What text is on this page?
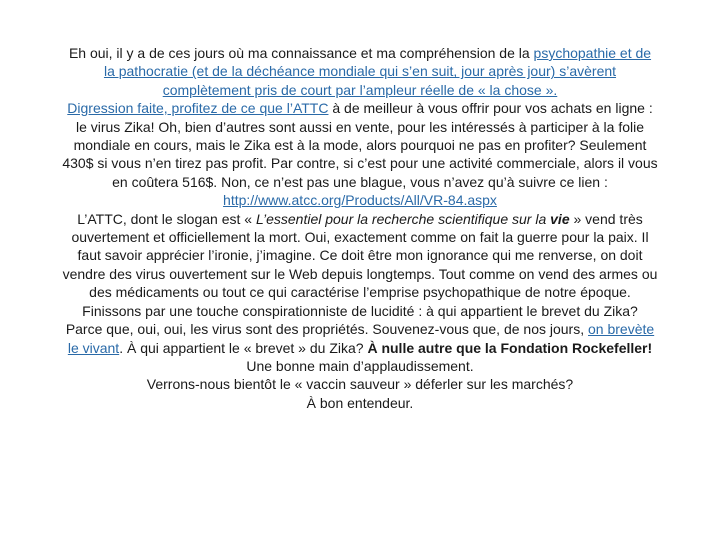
Eh oui, il y a de ces jours où ma connaissance et ma compréhension de la psychopathie et de la pathocratie (et de la déchéance mondiale qui s’en suit, jour après jour) s’avèrent complètement pris de court par l’ampleur réelle de « la chose ».

Digression faite, profitez de ce que l’ATTC à de meilleur à vous offrir pour vos achats en ligne : le virus Zika! Oh, bien d’autres sont aussi en vente, pour les intéressés à participer à la folie mondiale en cours, mais le Zika est à la mode, alors pourquoi ne pas en profiter? Seulement 430$ si vous n’en tirez pas profit. Par contre, si c’est pour une activité commerciale, alors il vous en coûtera 516$. Non, ce n’est pas une blague, vous n’avez qu’à suivre ce lien :
http://www.atcc.org/Products/All/VR-84.aspx

L’ATTC, dont le slogan est « L’essentiel pour la recherche scientifique sur la vie » vend très ouvertement et officiellement la mort. Oui, exactement comme on fait la guerre pour la paix. Il faut savoir apprécier l’ironie, j’imagine. Ce doit être mon ignorance qui me renverse, on doit vendre des virus ouvertement sur le Web depuis longtemps. Tout comme on vend des armes ou des médicaments ou tout ce qui caractérise l’emprise psychopathique de notre époque.

Finissons par une touche conspirationniste de lucidité : à qui appartient le brevet du Zika? Parce que, oui, oui, les virus sont des propriétés. Souvenez-vous que, de nos jours, on brevète le vivant. À qui appartient le « brevet » du Zika? À nulle autre que la Fondation Rockefeller! Une bonne main d’applaudissement.

Verrons-nous bientôt le « vaccin sauveur » déferler sur les marchés?

À bon entendeur.
